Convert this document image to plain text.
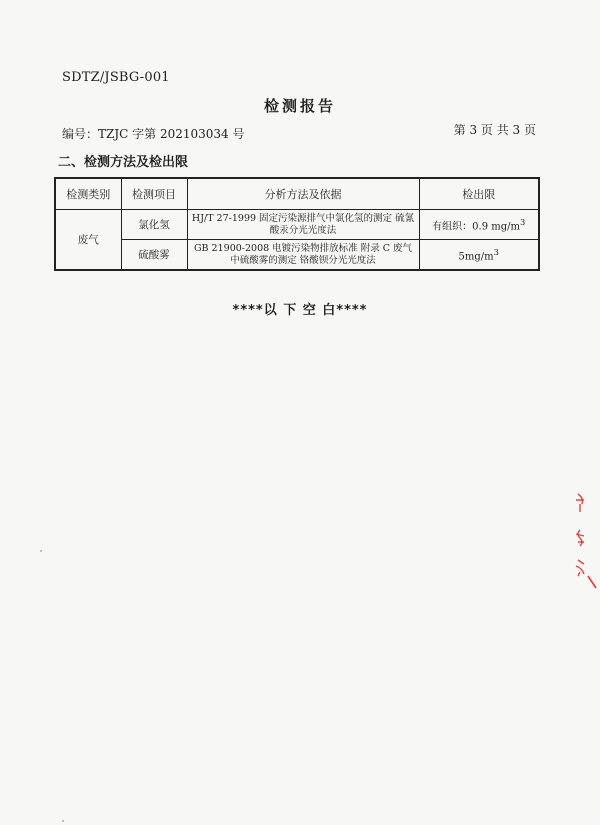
SDTZ/JSBG-001
检测报告
编号：TZJC 字第 202103034 号	第 3 页 共 3 页
二、检测方法及检出限
检测类别	检测项目	分析方法及依据	检出限
废气	氯化氢	HJ/T 27-1999 固定污染源排气中氯化氢的测定 硫氰酸汞分光光度法	有组织：0.9 $mg/m^3$
	硫酸雾	GB 21900-2008 电镀污染物排放标准 附录 C 废气中硫酸雾的测定 铬酸钡分光光度法	$5mg/m^3$
****以 下 空 白****
